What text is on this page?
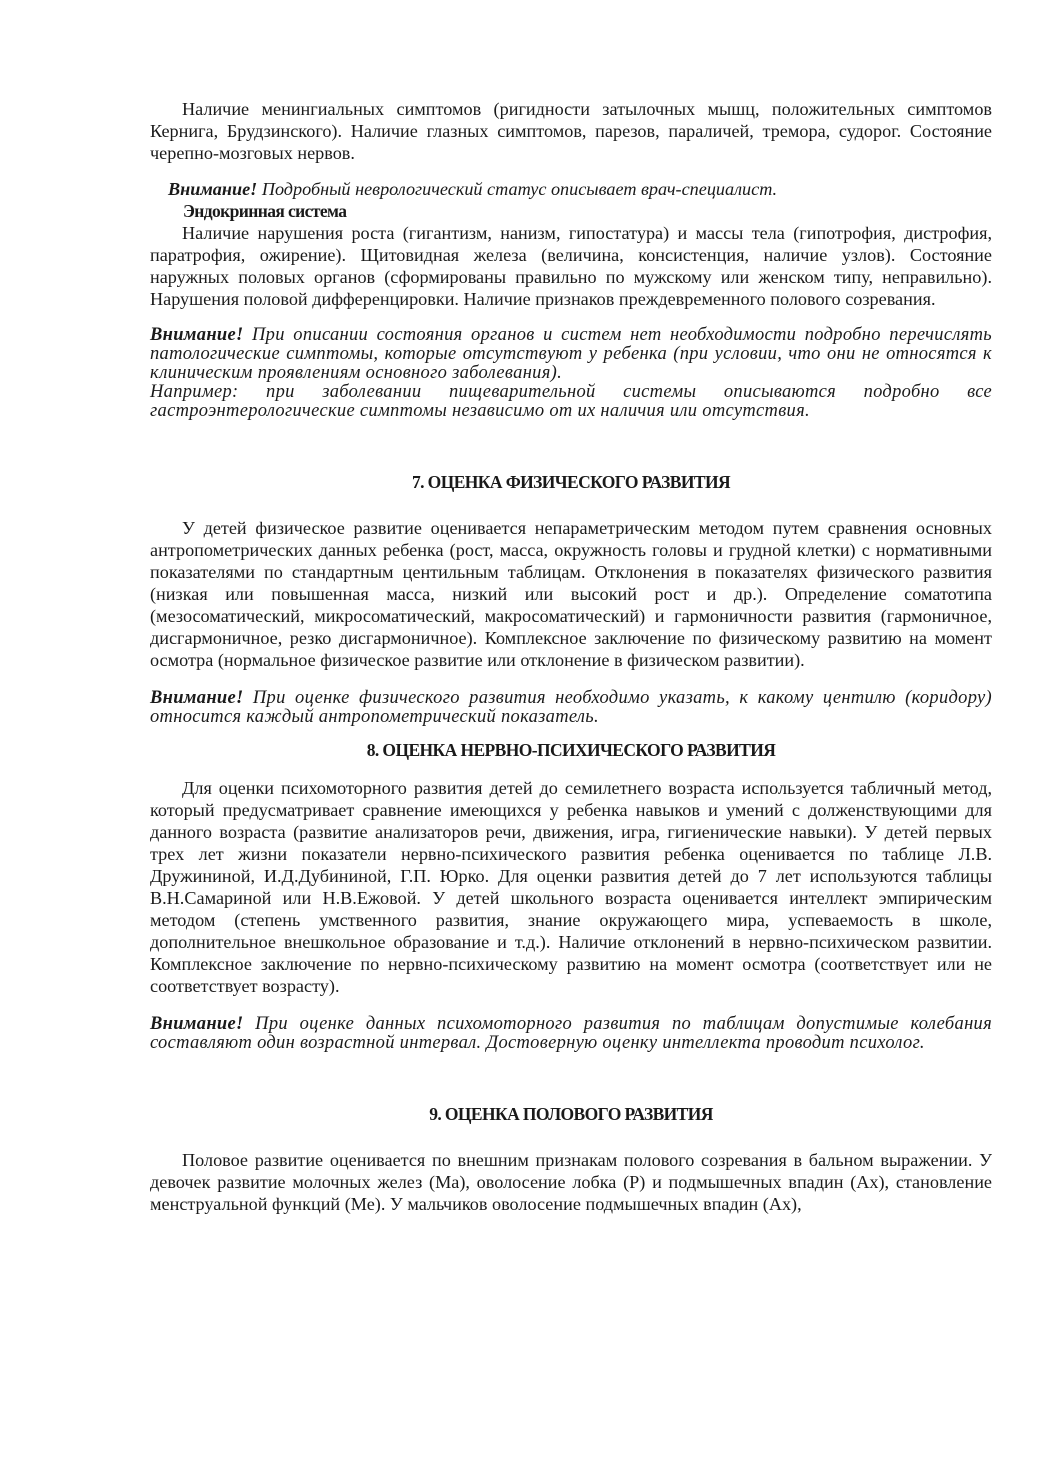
Наличие менингиальных симптомов (ригидности затылочных мышц, положительных симптомов Кернига, Брудзинского). Наличие глазных симптомов, парезов, параличей, тремора, судорог. Состояние черепно-мозговых нервов.

Внимание! Подробный неврологический статус описывает врач-специалист.

Эндокринная система

Наличие нарушения роста (гигантизм, нанизм, гипостатура) и массы тела (гипотрофия, дистрофия, паратрофия, ожирение). Щитовидная железа (величина, консистенция, наличие узлов). Состояние наружных половых органов (сформированы правильно по мужскому или женском типу, неправильно). Нарушения половой дифференцировки. Наличие признаков преждевременного полового созревания.

Внимание! При описании состояния органов и систем нет необходимости подробно перечислять патологические симптомы, которые отсутствуют у ребенка (при условии, что они не относятся к клиническим проявлениям основного заболевания).

Например: при заболевании пищеварительной системы описываются подробно все гастроэнтерологические симптомы независимо от их наличия или отсутствия.

7. ОЦЕНКА ФИЗИЧЕСКОГО РАЗВИТИЯ

У детей физическое развитие оценивается непараметрическим методом путем сравнения основных антропометрических данных ребенка (рост, масса, окружность головы и грудной клетки) с нормативными показателями по стандартным центильным таблицам. Отклонения в показателях физического развития (низкая или повышенная масса, низкий или высокий рост и др.). Определение соматотипа (мезосоматический, микросоматический, макросоматический) и гармоничности развития (гармоничное, дисгармоничное, резко дисгармоничное). Комплексное заключение по физическому развитию на момент осмотра (нормальное физическое развитие или отклонение в физическом развитии).

Внимание! При оценке физического развития необходимо указать, к какому центилю (коридору) относится каждый антропометрический показатель.

8. ОЦЕНКА НЕРВНО-ПСИХИЧЕСКОГО РАЗВИТИЯ

Для оценки психомоторного развития детей до семилетнего возраста используется табличный метод, который предусматривает сравнение имеющихся у ребенка навыков и умений с долженствующими для данного возраста (развитие анализаторов речи, движения, игра, гигиенические навыки). У детей первых трех лет жизни показатели нервно-психического развития ребенка оценивается по таблице Л.В. Дружининой, И.Д.Дубининой, Г.П. Юрко. Для оценки развития детей до 7 лет используются таблицы В.Н.Самариной или Н.В.Ежовой. У детей школьного возраста оценивается интеллект эмпирическим методом (степень умственного развития, знание окружающего мира, успеваемость в школе, дополнительное внешкольное образование и т.д.). Наличие отклонений в нервно-психическом развитии. Комплексное заключение по нервно-психическому развитию на момент осмотра (соответствует или не соответствует возрасту).

Внимание! При оценке данных психомоторного развития по таблицам допустимые колебания составляют один возрастной интервал. Достоверную оценку интеллекта проводит психолог.

9. ОЦЕНКА ПОЛОВОГО РАЗВИТИЯ

Половое развитие оценивается по внешним признакам полового созревания в бальном выражении. У девочек развитие молочных желез (Ма), оволосение лобка (Р) и подмышечных впадин (Ах), становление менструальной функций (Ме). У мальчиков оволосение подмышечных впадин (Ах),
